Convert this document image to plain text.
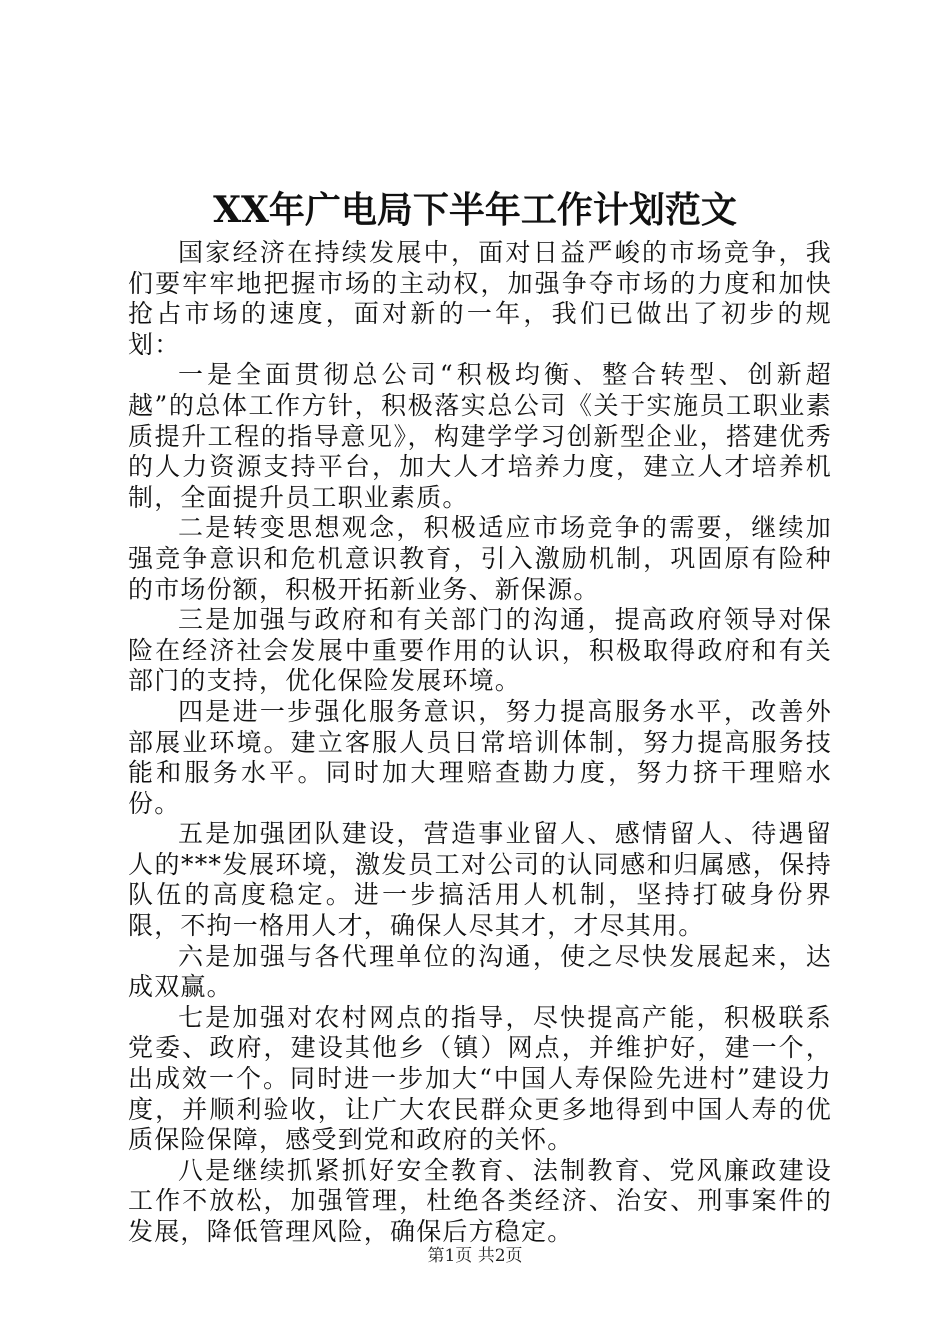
XX年广电局下半年工作计划范文

国家经济在持续发展中，面对日益严峻的市场竞争，我们要牢牢地把握市场的主动权，加强争夺市场的力度和加快抢占市场的速度，面对新的一年，我们已做出了初步的规划：

一是全面贯彻总公司“积极均衡、整合转型、创新超越”的总体工作方针，积极落实总公司《关于实施员工职业素质提升工程的指导意见》，构建学学习创新型企业，搭建优秀的人力资源支持平台，加大人才培养力度，建立人才培养机制，全面提升员工职业素质。

二是转变思想观念，积极适应市场竞争的需要，继续加强竞争意识和危机意识教育，引入激励机制，巩固原有险种的市场份额，积极开拓新业务、新保源。

三是加强与政府和有关部门的沟通，提高政府领导对保险在经济社会发展中重要作用的认识，积极取得政府和有关部门的支持，优化保险发展环境。

四是进一步强化服务意识，努力提高服务水平，改善外部展业环境。建立客服人员日常培训体制，努力提高服务技能和服务水平。同时加大理赔查勘力度，努力挤干理赔水份。

五是加强团队建设，营造事业留人、感情留人、待遇留人的***发展环境，激发员工对公司的认同感和归属感，保持队伍的高度稳定。进一步搞活用人机制，坚持打破身份界限，不拘一格用人才，确保人尽其才，才尽其用。

六是加强与各代理单位的沟通，使之尽快发展起来，达成双赢。

七是加强对农村网点的指导，尽快提高产能，积极联系党委、政府，建设其他乡（镇）网点，并维护好，建一个，出成效一个。同时进一步加大“中国人寿保险先进村”建设力度，并顺利验收，让广大农民群众更多地得到中国人寿的优质保险保障，感受到党和政府的关怀。

八是继续抓紧抓好安全教育、法制教育、党风廉政建设工作不放松，加强管理，杜绝各类经济、治安、刑事案件的发展，降低管理风险，确保后方稳定。

第1页 共2页
